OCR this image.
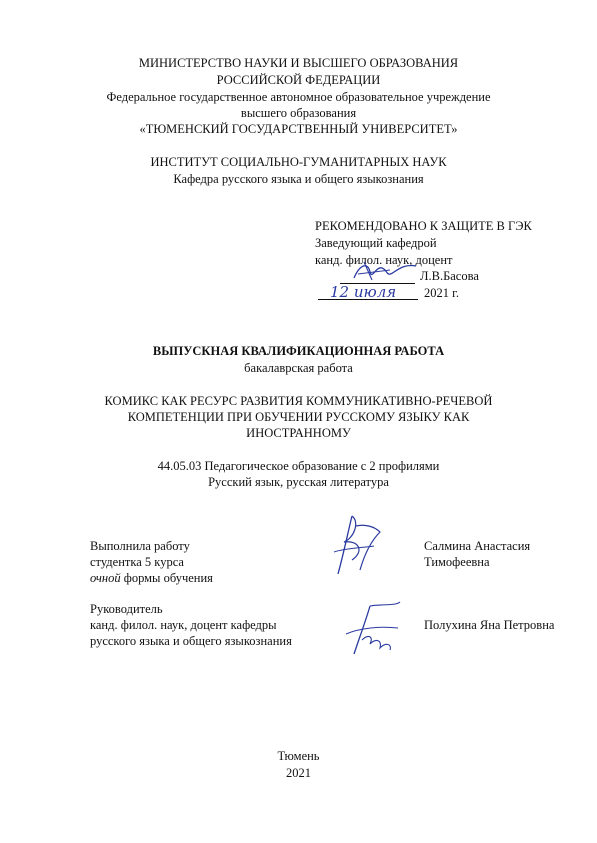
МИНИСТЕРСТВО НАУКИ И ВЫСШЕГО ОБРАЗОВАНИЯ
РОССИЙСКОЙ ФЕДЕРАЦИИ
Федеральное государственное автономное образовательное учреждение
высшего образования
«ТЮМЕНСКИЙ ГОСУДАРСТВЕННЫЙ УНИВЕРСИТЕТ»
ИНСТИТУТ СОЦИАЛЬНО-ГУМАНИТАРНЫХ НАУК
Кафедра русского языка и общего языкознания
РЕКОМЕНДОВАНО К ЗАЩИТЕ В ГЭК
Заведующий кафедрой
канд. филол. наук, доцент
Л.В.Басова
12 июля 2021 г.
ВЫПУСКНАЯ КВАЛИФИКАЦИОННАЯ РАБОТА
бакалаврская работа
КОМИКС КАК РЕСУРС РАЗВИТИЯ КОММУНИКАТИВНО-РЕЧЕВОЙ
КОМПЕТЕНЦИИ ПРИ ОБУЧЕНИИ РУССКОМУ ЯЗЫКУ КАК
ИНОСТРАННОМУ
44.05.03 Педагогическое образование с 2 профилями
Русский язык, русская литература
Выполнила работу
студентка 5 курса
очной формы обучения
Салмина Анастасия
Тимофеевна
Руководитель
канд. филол. наук, доцент кафедры
русского языка и общего языкознания
Полухина Яна Петровна
Тюмень
2021
